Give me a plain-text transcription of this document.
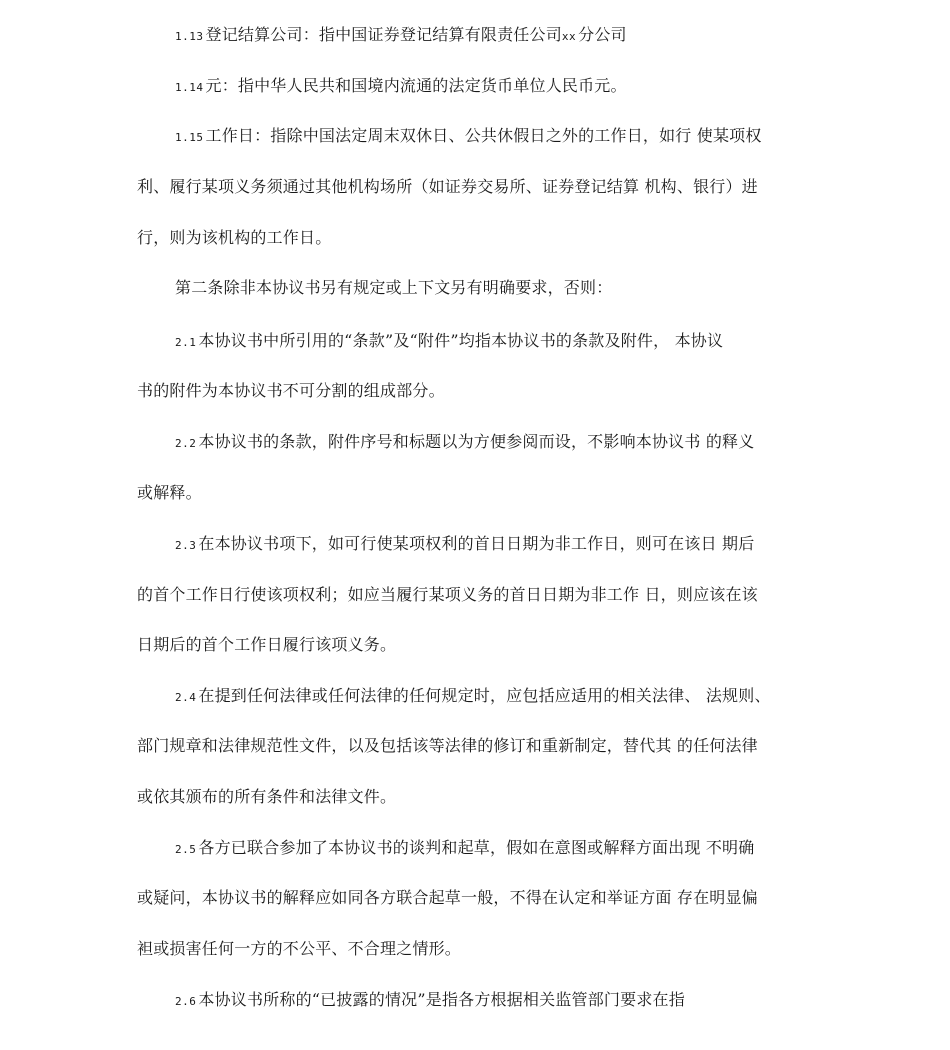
1.13 登记结算公司：指中国证券登记结算有限责任公司xx 分公司
1.14 元：指中华人民共和国境内流通的法定货币单位人民币元。
1.15 工作日：指除中国法定周末双休日、公共休假日之外的工作日，如行 使某项权
利、履行某项义务须通过其他机构场所（如证券交易所、证券登记结算 机构、银行）进
行，则为该机构的工作日。
第二条除非本协议书另有规定或上下文另有明确要求，否则：
2.1 本协议书中所引用的“条款”及“附件”均指本协议书的条款及附件， 本协议
书的附件为本协议书不可分割的组成部分。
2.2 本协议书的条款，附件序号和标题以为方便参阅而设，不影响本协议书 的释义
或解释。
2.3 在本协议书项下，如可行使某项权利的首日日期为非工作日，则可在该日 期后
的首个工作日行使该项权利；如应当履行某项义务的首日日期为非工作 日，则应该在该
日期后的首个工作日履行该项义务。
2.4 在提到任何法律或任何法律的任何规定时，应包括应适用的相关法律、 法规则、
部门规章和法律规范性文件，以及包括该等法律的修订和重新制定，替代其 的任何法律
或依其颁布的所有条件和法律文件。
2.5 各方已联合参加了本协议书的谈判和起草，假如在意图或解释方面出现 不明确
或疑问，本协议书的解释应如同各方联合起草一般，不得在认定和举证方面 存在明显偏
袒或损害任何一方的不公平、不合理之情形。
2.6 本协议书所称的“已披露的情况”是指各方根据相关监管部门要求在指
